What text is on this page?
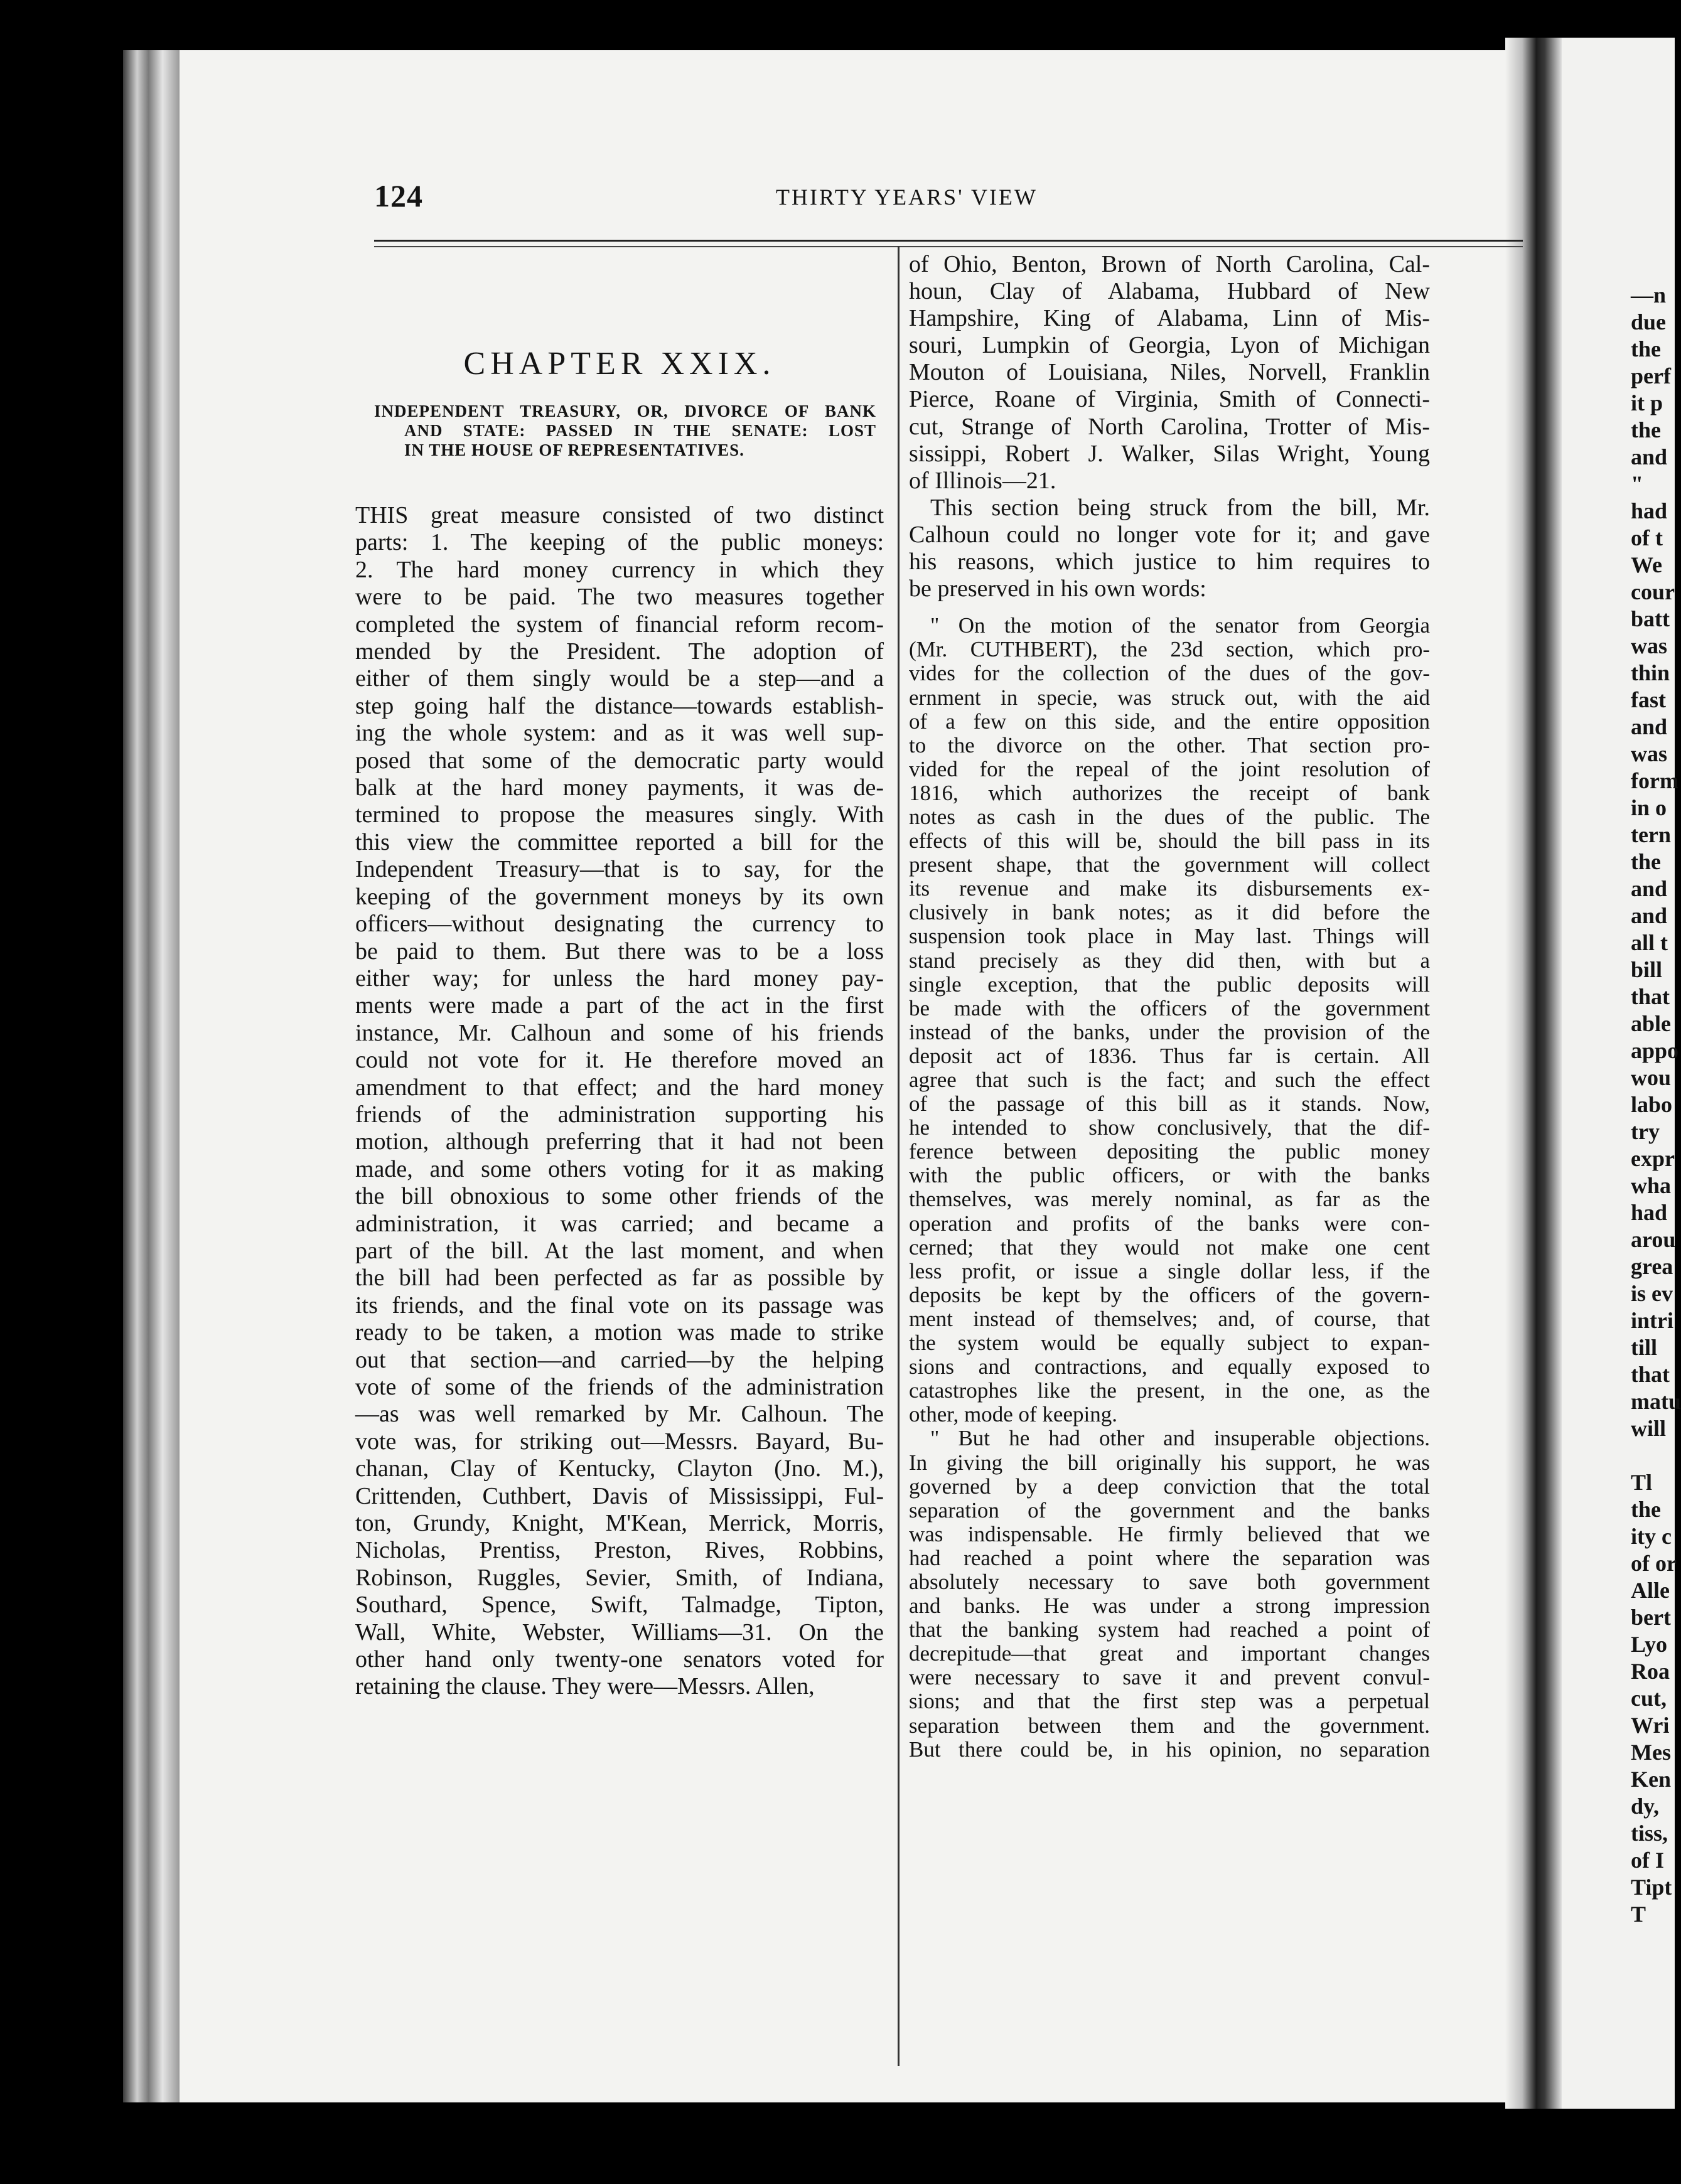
—n
due
the
perf
it p
the
and
"
had
of t
We
cour
batt
was
thin
fast
and
was
form
in o
tern
the
and
and
all t
bill
that
able
appo
wou
labo
try
expr
wha
had
arou
grea
is ev
intri
till
that
matu
will
Tl
the
ity c
of or
Alle
bert
Lyo
Roa
cut,
Wri
Mes
Ken
dy,
tiss,
of I
Tipt
T
124	THIRTY YEARS' VIEW
CHAPTER XXIX.
INDEPENDENT TREASURY, OR, DIVORCE OF BANK
AND STATE: PASSED IN THE SENATE: LOST
IN THE HOUSE OF REPRESENTATIVES.
THIS great measure consisted of two distinct
parts: 1. The keeping of the public moneys:
2. The hard money currency in which they
were to be paid. The two measures together
completed the system of financial reform recom-
mended by the President. The adoption of
either of them singly would be a step—and a
step going half the distance—towards establish-
ing the whole system: and as it was well sup-
posed that some of the democratic party would
balk at the hard money payments, it was de-
termined to propose the measures singly. With
this view the committee reported a bill for the
Independent Treasury—that is to say, for the
keeping of the government moneys by its own
officers—without designating the currency to
be paid to them. But there was to be a loss
either way; for unless the hard money pay-
ments were made a part of the act in the first
instance, Mr. Calhoun and some of his friends
could not vote for it. He therefore moved an
amendment to that effect; and the hard money
friends of the administration supporting his
motion, although preferring that it had not been
made, and some others voting for it as making
the bill obnoxious to some other friends of the
administration, it was carried; and became a
part of the bill. At the last moment, and when
the bill had been perfected as far as possible by
its friends, and the final vote on its passage was
ready to be taken, a motion was made to strike
out that section—and carried—by the helping
vote of some of the friends of the administration
—as was well remarked by Mr. Calhoun. The
vote was, for striking out—Messrs. Bayard, Bu-
chanan, Clay of Kentucky, Clayton (Jno. M.),
Crittenden, Cuthbert, Davis of Mississippi, Ful-
ton, Grundy, Knight, M'Kean, Merrick, Morris,
Nicholas, Prentiss, Preston, Rives, Robbins,
Robinson, Ruggles, Sevier, Smith, of Indiana,
Southard, Spence, Swift, Talmadge, Tipton,
Wall, White, Webster, Williams—31. On the
other hand only twenty-one senators voted for
retaining the clause. They were—Messrs. Allen,
of Ohio, Benton, Brown of North Carolina, Cal-
houn, Clay of Alabama, Hubbard of New
Hampshire, King of Alabama, Linn of Mis-
souri, Lumpkin of Georgia, Lyon of Michigan
Mouton of Louisiana, Niles, Norvell, Franklin
Pierce, Roane of Virginia, Smith of Connecti-
cut, Strange of North Carolina, Trotter of Mis-
sissippi, Robert J. Walker, Silas Wright, Young
of Illinois—21.
This section being struck from the bill, Mr.
Calhoun could no longer vote for it; and gave
his reasons, which justice to him requires to
be preserved in his own words:
" On the motion of the senator from Georgia
(Mr. CUTHBERT), the 23d section, which pro-
vides for the collection of the dues of the gov-
ernment in specie, was struck out, with the aid
of a few on this side, and the entire opposition
to the divorce on the other. That section pro-
vided for the repeal of the joint resolution of
1816, which authorizes the receipt of bank
notes as cash in the dues of the public. The
effects of this will be, should the bill pass in its
present shape, that the government will collect
its revenue and make its disbursements ex-
clusively in bank notes; as it did before the
suspension took place in May last. Things will
stand precisely as they did then, with but a
single exception, that the public deposits will
be made with the officers of the government
instead of the banks, under the provision of the
deposit act of 1836. Thus far is certain. All
agree that such is the fact; and such the effect
of the passage of this bill as it stands. Now,
he intended to show conclusively, that the dif-
ference between depositing the public money
with the public officers, or with the banks
themselves, was merely nominal, as far as the
operation and profits of the banks were con-
cerned; that they would not make one cent
less profit, or issue a single dollar less, if the
deposits be kept by the officers of the govern-
ment instead of themselves; and, of course, that
the system would be equally subject to expan-
sions and contractions, and equally exposed to
catastrophes like the present, in the one, as the
other, mode of keeping.
" But he had other and insuperable objections.
In giving the bill originally his support, he was
governed by a deep conviction that the total
separation of the government and the banks
was indispensable. He firmly believed that we
had reached a point where the separation was
absolutely necessary to save both government
and banks. He was under a strong impression
that the banking system had reached a point of
decrepitude—that great and important changes
were necessary to save it and prevent convul-
sions; and that the first step was a perpetual
separation between them and the government.
But there could be, in his opinion, no separation
